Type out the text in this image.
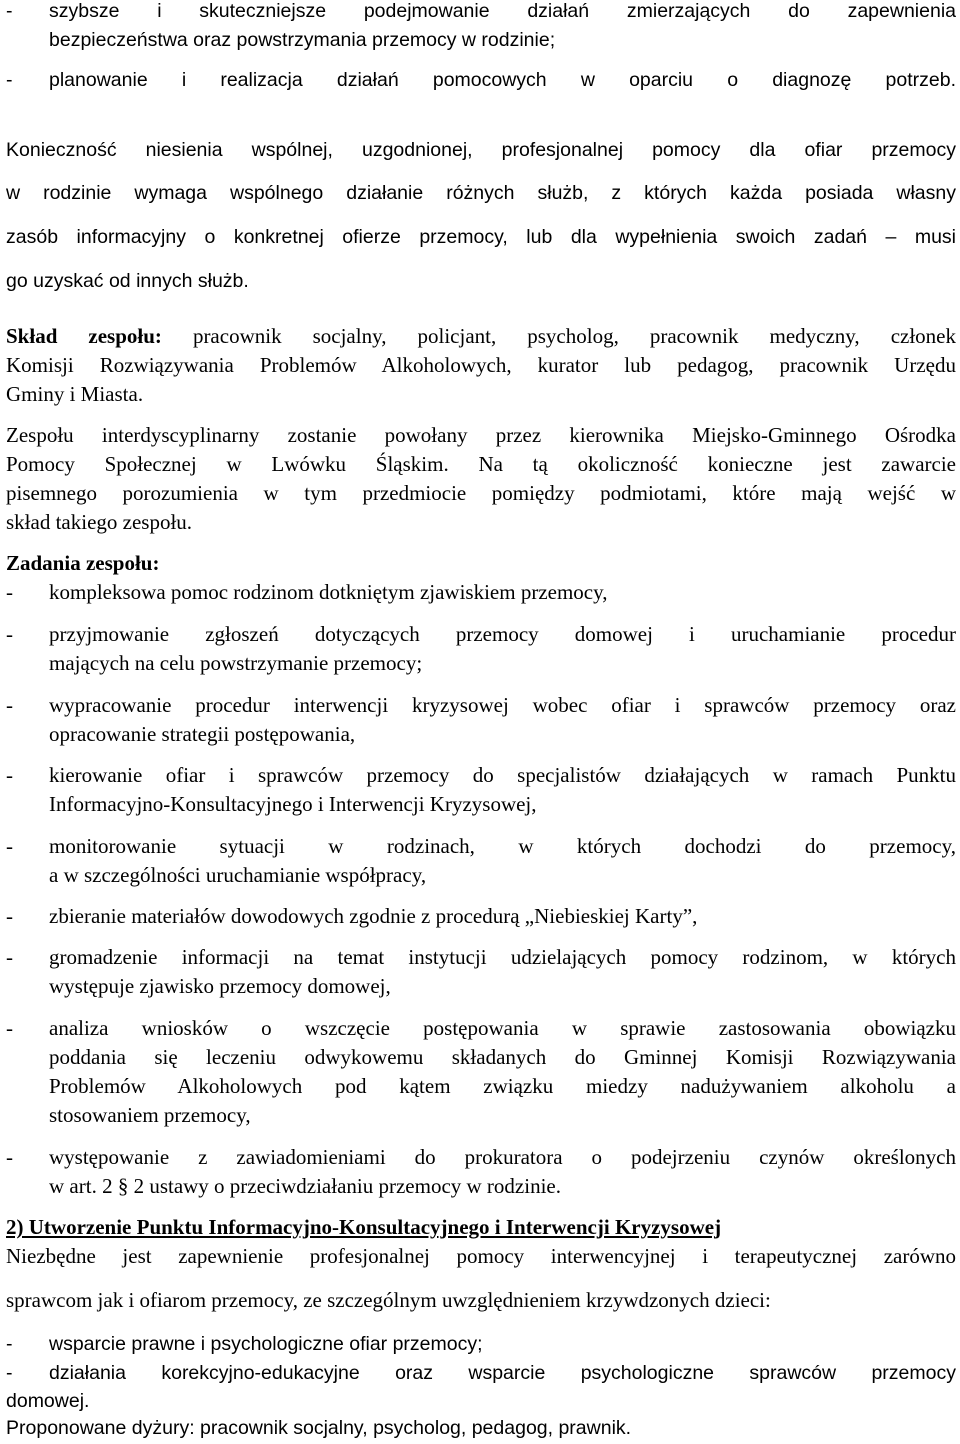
- szybsze i skuteczniejsze podejmowanie działań zmierzających do zapewnienia
bezpieczeństwa oraz powstrzymania przemocy w rodzinie;
- planowanie i realizacja działań pomocowych w oparciu o diagnozę potrzeb.
Konieczność niesienia wspólnej, uzgodnionej, profesjonalnej pomocy dla ofiar przemocy
w rodzinie wymaga wspólnego działanie różnych służb, z których każda posiada własny
zasób informacyjny o konkretnej ofierze przemocy, lub dla wypełnienia swoich zadań – musi
go uzyskać od innych służb.
Skład zespołu: pracownik socjalny, policjant, psycholog, pracownik medyczny, członek
Komisji Rozwiązywania Problemów Alkoholowych, kurator lub pedagog, pracownik Urzędu
Gminy i Miasta.
Zespołu interdyscyplinarny zostanie powołany przez kierownika Miejsko-Gminnego Ośrodka
Pomocy Społecznej w Lwówku Śląskim. Na tą okoliczność konieczne jest zawarcie
pisemnego porozumienia w tym przedmiocie pomiędzy podmiotami, które mają wejść w
skład takiego zespołu.
Zadania zespołu:
- kompleksowa pomoc rodzinom dotkniętym zjawiskiem przemocy,
- przyjmowanie zgłoszeń dotyczących przemocy domowej i uruchamianie procedur
mających na celu powstrzymanie przemocy;
- wypracowanie procedur interwencji kryzysowej wobec ofiar i sprawców przemocy oraz
opracowanie strategii postępowania,
- kierowanie ofiar i sprawców przemocy do specjalistów działających w ramach Punktu
Informacyjno-Konsultacyjnego i Interwencji Kryzysowej,
- monitorowanie sytuacji w rodzinach, w których dochodzi do przemocy,
a w szczególności uruchamianie współpracy,
- zbieranie materiałów dowodowych zgodnie z procedurą „Niebieskiej Karty”,
- gromadzenie informacji na temat instytucji udzielających pomocy rodzinom, w których
występuje zjawisko przemocy domowej,
- analiza wniosków o wszczęcie postępowania w sprawie zastosowania obowiązku
poddania się leczeniu odwykowemu składanych do Gminnej Komisji Rozwiązywania
Problemów Alkoholowych pod kątem związku miedzy nadużywaniem alkoholu a
stosowaniem przemocy,
- występowanie z zawiadomieniami do prokuratora o podejrzeniu czynów określonych
w art. 2 § 2 ustawy o przeciwdziałaniu przemocy w rodzinie.
2) Utworzenie Punktu Informacyjno-Konsultacyjnego i Interwencji Kryzysowej
Niezbędne jest zapewnienie profesjonalnej pomocy interwencyjnej i terapeutycznej zarówno
sprawcom jak i ofiarom przemocy, ze szczególnym uwzględnieniem krzywdzonych dzieci:
- wsparcie prawne i psychologiczne ofiar przemocy;
- działania korekcyjno-edukacyjne oraz wsparcie psychologiczne sprawców przemocy
domowej.
Proponowane dyżury: pracownik socjalny, psycholog, pedagog, prawnik.
